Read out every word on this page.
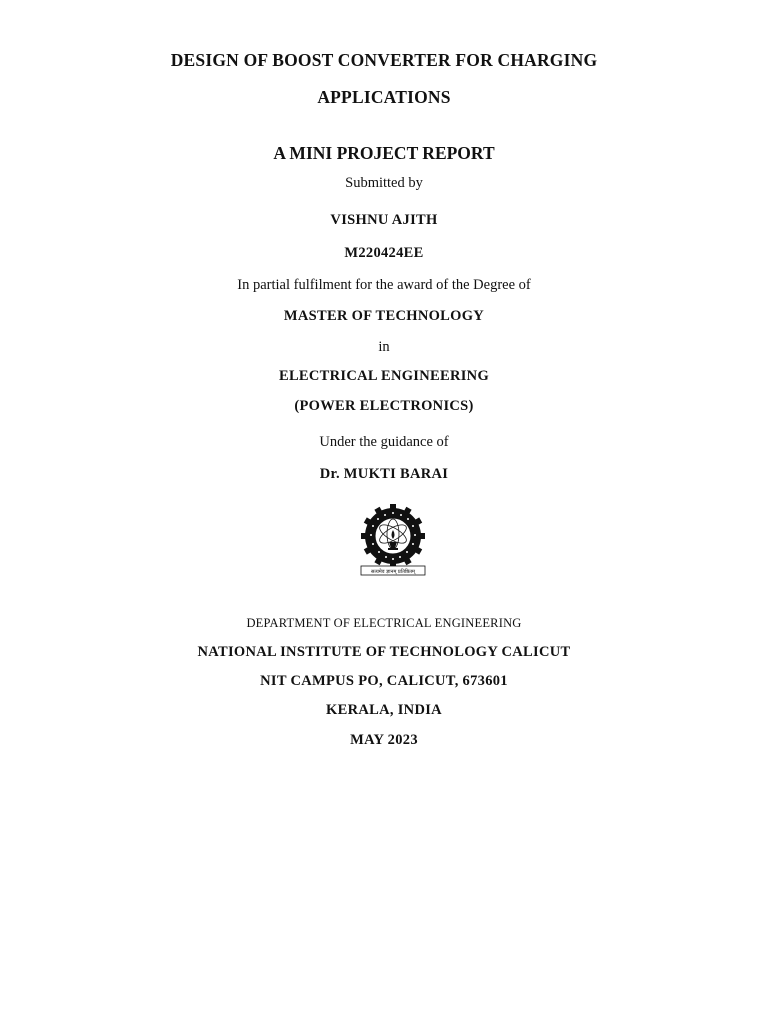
DESIGN OF BOOST CONVERTER FOR CHARGING
APPLICATIONS
A MINI PROJECT REPORT
Submitted by
VISHNU AJITH
M220424EE
In partial fulfilment for the award of the Degree of
MASTER OF TECHNOLOGY
in
ELECTRICAL ENGINEERING
(POWER ELECTRONICS)
Under the guidance of
Dr. MUKTI BARAI
सत्यमेव ज्ञानम् प्रतिष्ठितम्
DEPARTMENT OF ELECTRICAL ENGINEERING
NATIONAL INSTITUTE OF TECHNOLOGY CALICUT
NIT CAMPUS PO, CALICUT, 673601
KERALA, INDIA
MAY 2023
